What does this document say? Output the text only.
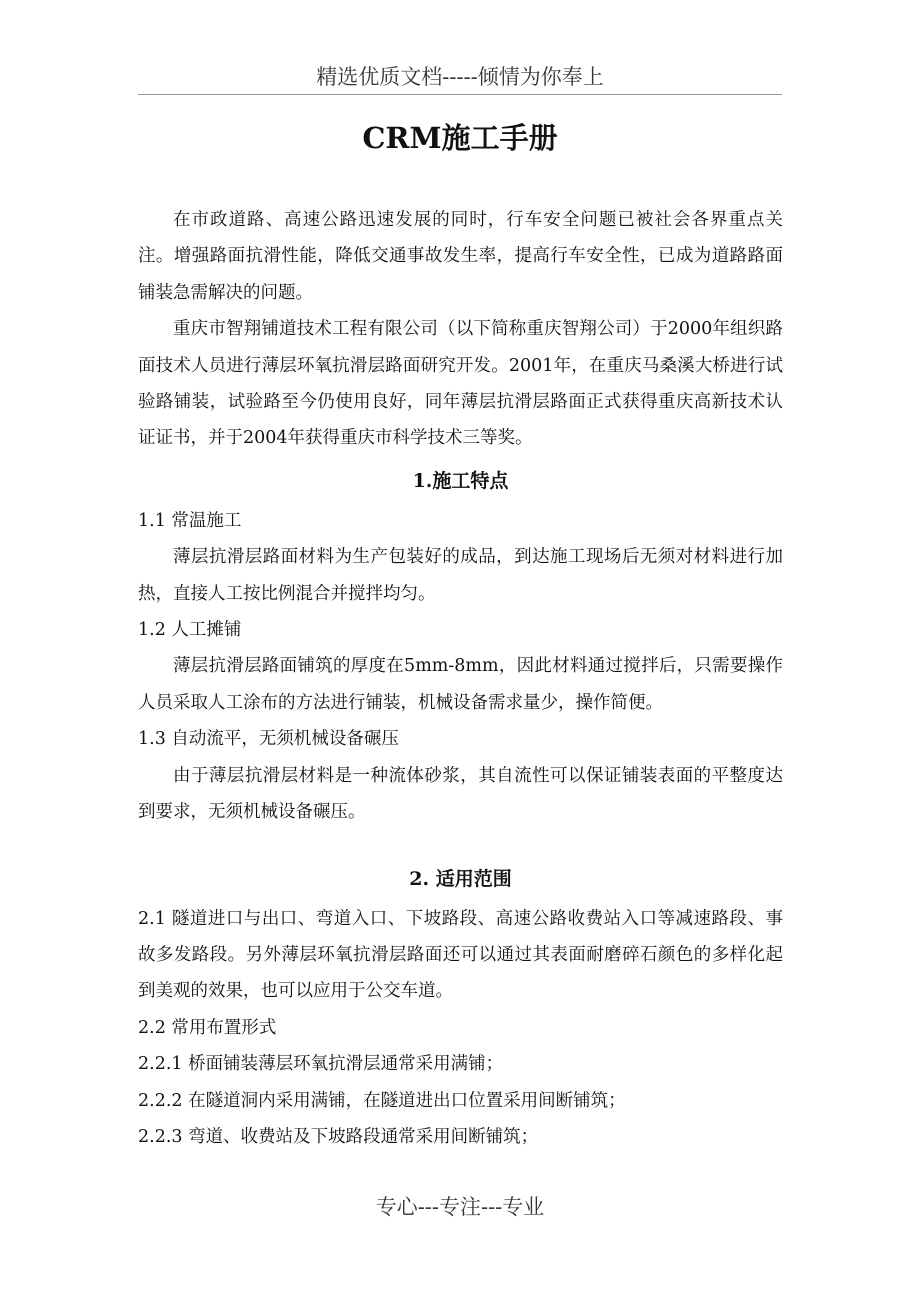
精选优质文档-----倾情为你奉上
CRM施工手册

在市政道路、高速公路迅速发展的同时，行车安全问题已被社会各界重点关注。增强路面抗滑性能，降低交通事故发生率，提高行车安全性，已成为道路路面铺装急需解决的问题。

重庆市智翔铺道技术工程有限公司（以下简称重庆智翔公司）于2000年组织路面技术人员进行薄层环氧抗滑层路面研究开发。2001年，在重庆马桑溪大桥进行试验路铺装，试验路至今仍使用良好，同年薄层抗滑层路面正式获得重庆高新技术认证证书，并于2004年获得重庆市科学技术三等奖。

1.施工特点

1.1 常温施工

薄层抗滑层路面材料为生产包装好的成品，到达施工现场后无须对材料进行加热，直接人工按比例混合并搅拌均匀。

1.2 人工摊铺

薄层抗滑层路面铺筑的厚度在5mm-8mm，因此材料通过搅拌后，只需要操作人员采取人工涂布的方法进行铺装，机械设备需求量少，操作简便。

1.3 自动流平，无须机械设备碾压

由于薄层抗滑层材料是一种流体砂浆，其自流性可以保证铺装表面的平整度达到要求，无须机械设备碾压。

2. 适用范围

2.1 隧道进口与出口、弯道入口、下坡路段、高速公路收费站入口等减速路段、事故多发路段。另外薄层环氧抗滑层路面还可以通过其表面耐磨碎石颜色的多样化起到美观的效果，也可以应用于公交车道。

2.2 常用布置形式

2.2.1 桥面铺装薄层环氧抗滑层通常采用满铺；

2.2.2 在隧道洞内采用满铺，在隧道进出口位置采用间断铺筑；

2.2.3 弯道、收费站及下坡路段通常采用间断铺筑；

专心---专注---专业
